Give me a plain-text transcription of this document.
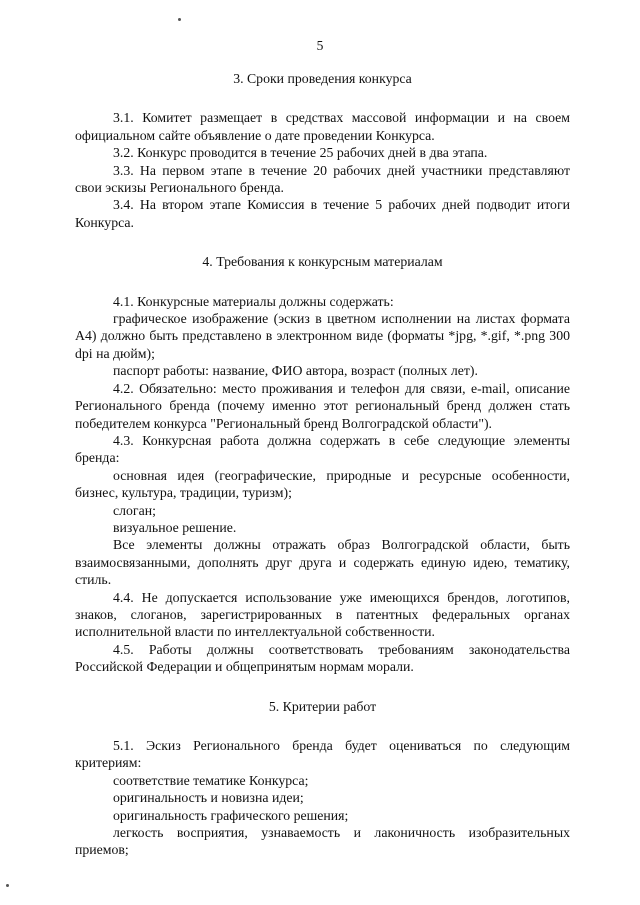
5
3. Сроки проведения конкурса

3.1. Комитет размещает в средствах массовой информации и на своем официальном сайте объявление о дате проведении Конкурса.

3.2. Конкурс проводится в течение 25 рабочих дней в два этапа.

3.3. На первом этапе в течение 20 рабочих дней участники представляют свои эскизы Регионального бренда.

3.4. На втором этапе Комиссия в течение 5 рабочих дней подводит итоги Конкурса.

4. Требования к конкурсным материалам

4.1. Конкурсные материалы должны содержать:

графическое изображение (эскиз в цветном исполнении на листах формата А4) должно быть представлено в электронном виде (форматы *jpg, *.gif, *.png 300 dpi на дюйм);

паспорт работы: название, ФИО автора, возраст (полных лет).

4.2. Обязательно: место проживания и телефон для связи, e-mail, описание Регионального бренда (почему именно этот региональный бренд должен стать победителем конкурса "Региональный бренд Волгоградской области").

4.3. Конкурсная работа должна содержать в себе следующие элементы бренда:

основная идея (географические, природные и ресурсные особенности, бизнес, культура, традиции, туризм);

слоган;

визуальное решение.

Все элементы должны отражать образ Волгоградской области, быть взаимосвязанными, дополнять друг друга и содержать единую идею, тематику, стиль.

4.4. Не допускается использование уже имеющихся брендов, логотипов, знаков, слоганов, зарегистрированных в патентных федеральных органах исполнительной власти по интеллектуальной собственности.

4.5. Работы должны соответствовать требованиям законодательства Российской Федерации и общепринятым нормам морали.

5. Критерии работ

5.1. Эскиз Регионального бренда будет оцениваться по следующим критериям:

соответствие тематике Конкурса;

оригинальность и новизна идеи;

оригинальность графического решения;

легкость восприятия, узнаваемость и лаконичность изобразительных приемов;
